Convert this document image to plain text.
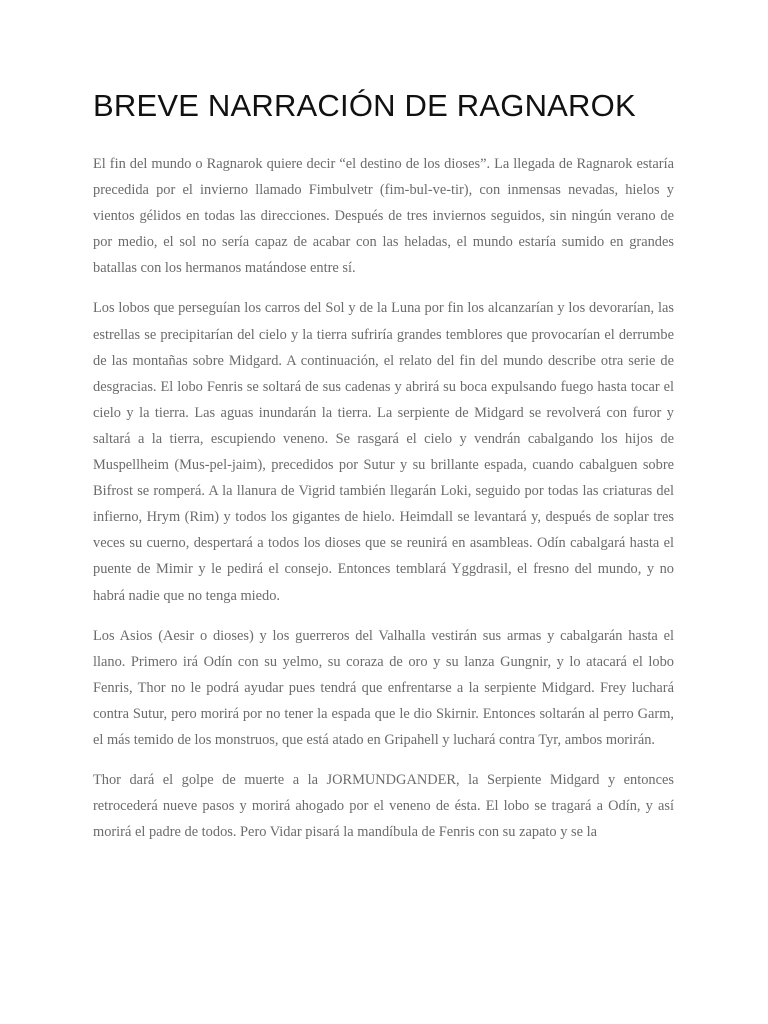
BREVE NARRACIÓN DE RAGNAROK

El fin del mundo o Ragnarok quiere decir “el destino de los dioses”. La llegada de Ragnarok estaría precedida por el invierno llamado Fimbulvetr (fim-bul-ve-tir), con inmensas nevadas, hielos y vientos gélidos en todas las direcciones. Después de tres inviernos seguidos, sin ningún verano de por medio, el sol no sería capaz de acabar con las heladas, el mundo estaría sumido en grandes batallas con los hermanos matándose entre sí.

Los lobos que perseguían los carros del Sol y de la Luna por fin los alcanzarían y los devorarían, las estrellas se precipitarían del cielo y la tierra sufriría grandes temblores que provocarían el derrumbe de las montañas sobre Midgard. A continuación, el relato del fin del mundo describe otra serie de desgracias. El lobo Fenris se soltará de sus cadenas y abrirá su boca expulsando fuego hasta tocar el cielo y la tierra. Las aguas inundarán la tierra. La serpiente de Midgard se revolverá con furor y saltará a la tierra, escupiendo veneno. Se rasgará el cielo y vendrán cabalgando los hijos de Muspellheim (Mus-pel-jaim), precedidos por Sutur y su brillante espada, cuando cabalguen sobre Bifrost se romperá. A la llanura de Vigrid también llegarán Loki, seguido por todas las criaturas del infierno, Hrym (Rim) y todos los gigantes de hielo. Heimdall se levantará y, después de soplar tres veces su cuerno, despertará a todos los dioses que se reunirá en asambleas. Odín cabalgará hasta el puente de Mimir y le pedirá el consejo. Entonces temblará Yggdrasil, el fresno del mundo, y no habrá nadie que no tenga miedo.

Los Asios (Aesir o dioses) y los guerreros del Valhalla vestirán sus armas y cabalgarán hasta el llano. Primero irá Odín con su yelmo, su coraza de oro y su lanza Gungnir, y lo atacará el lobo Fenris, Thor no le podrá ayudar pues tendrá que enfrentarse a la serpiente Midgard. Frey luchará contra Sutur, pero morirá por no tener la espada que le dio Skirnir. Entonces soltarán al perro Garm, el más temido de los monstruos, que está atado en Gripahell y luchará contra Tyr, ambos morirán.

Thor dará el golpe de muerte a la JORMUNDGANDER, la Serpiente Midgard y entonces retrocederá nueve pasos y morirá ahogado por el veneno de ésta. El lobo se tragará a Odín, y así morirá el padre de todos. Pero Vidar pisará la mandíbula de Fenris con su zapato y se la
